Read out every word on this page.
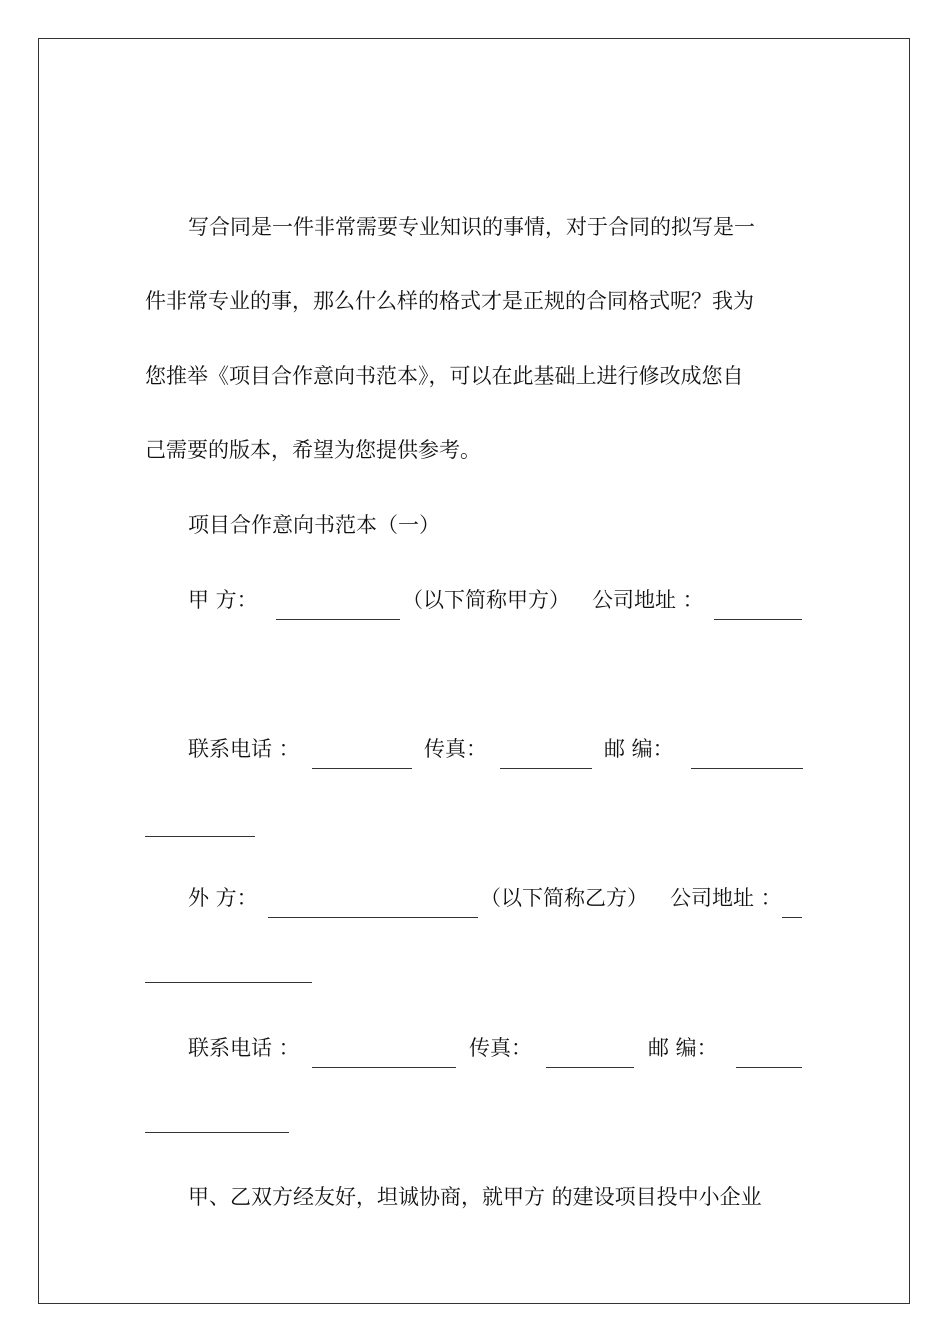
写合同是一件非常需要专业知识的事情，对于合同的拟写是一
件非常专业的事，那么什么样的格式才是正规的合同格式呢？我为
您推举《项目合作意向书范本》，可以在此基础上进行修改成您自
己需要的版本，希望为您提供参考。
项目合作意向书范本（一）
甲 方：	（以下简称甲方） 公司地址 ：
联系电话 ：	传真：	邮 编：
外 方：	（以下简称乙方） 公司地址 ：
联系电话 ：	传真：	邮 编：
甲、乙双方经友好，坦诚协商，就甲方 的建设项目投中小企业
